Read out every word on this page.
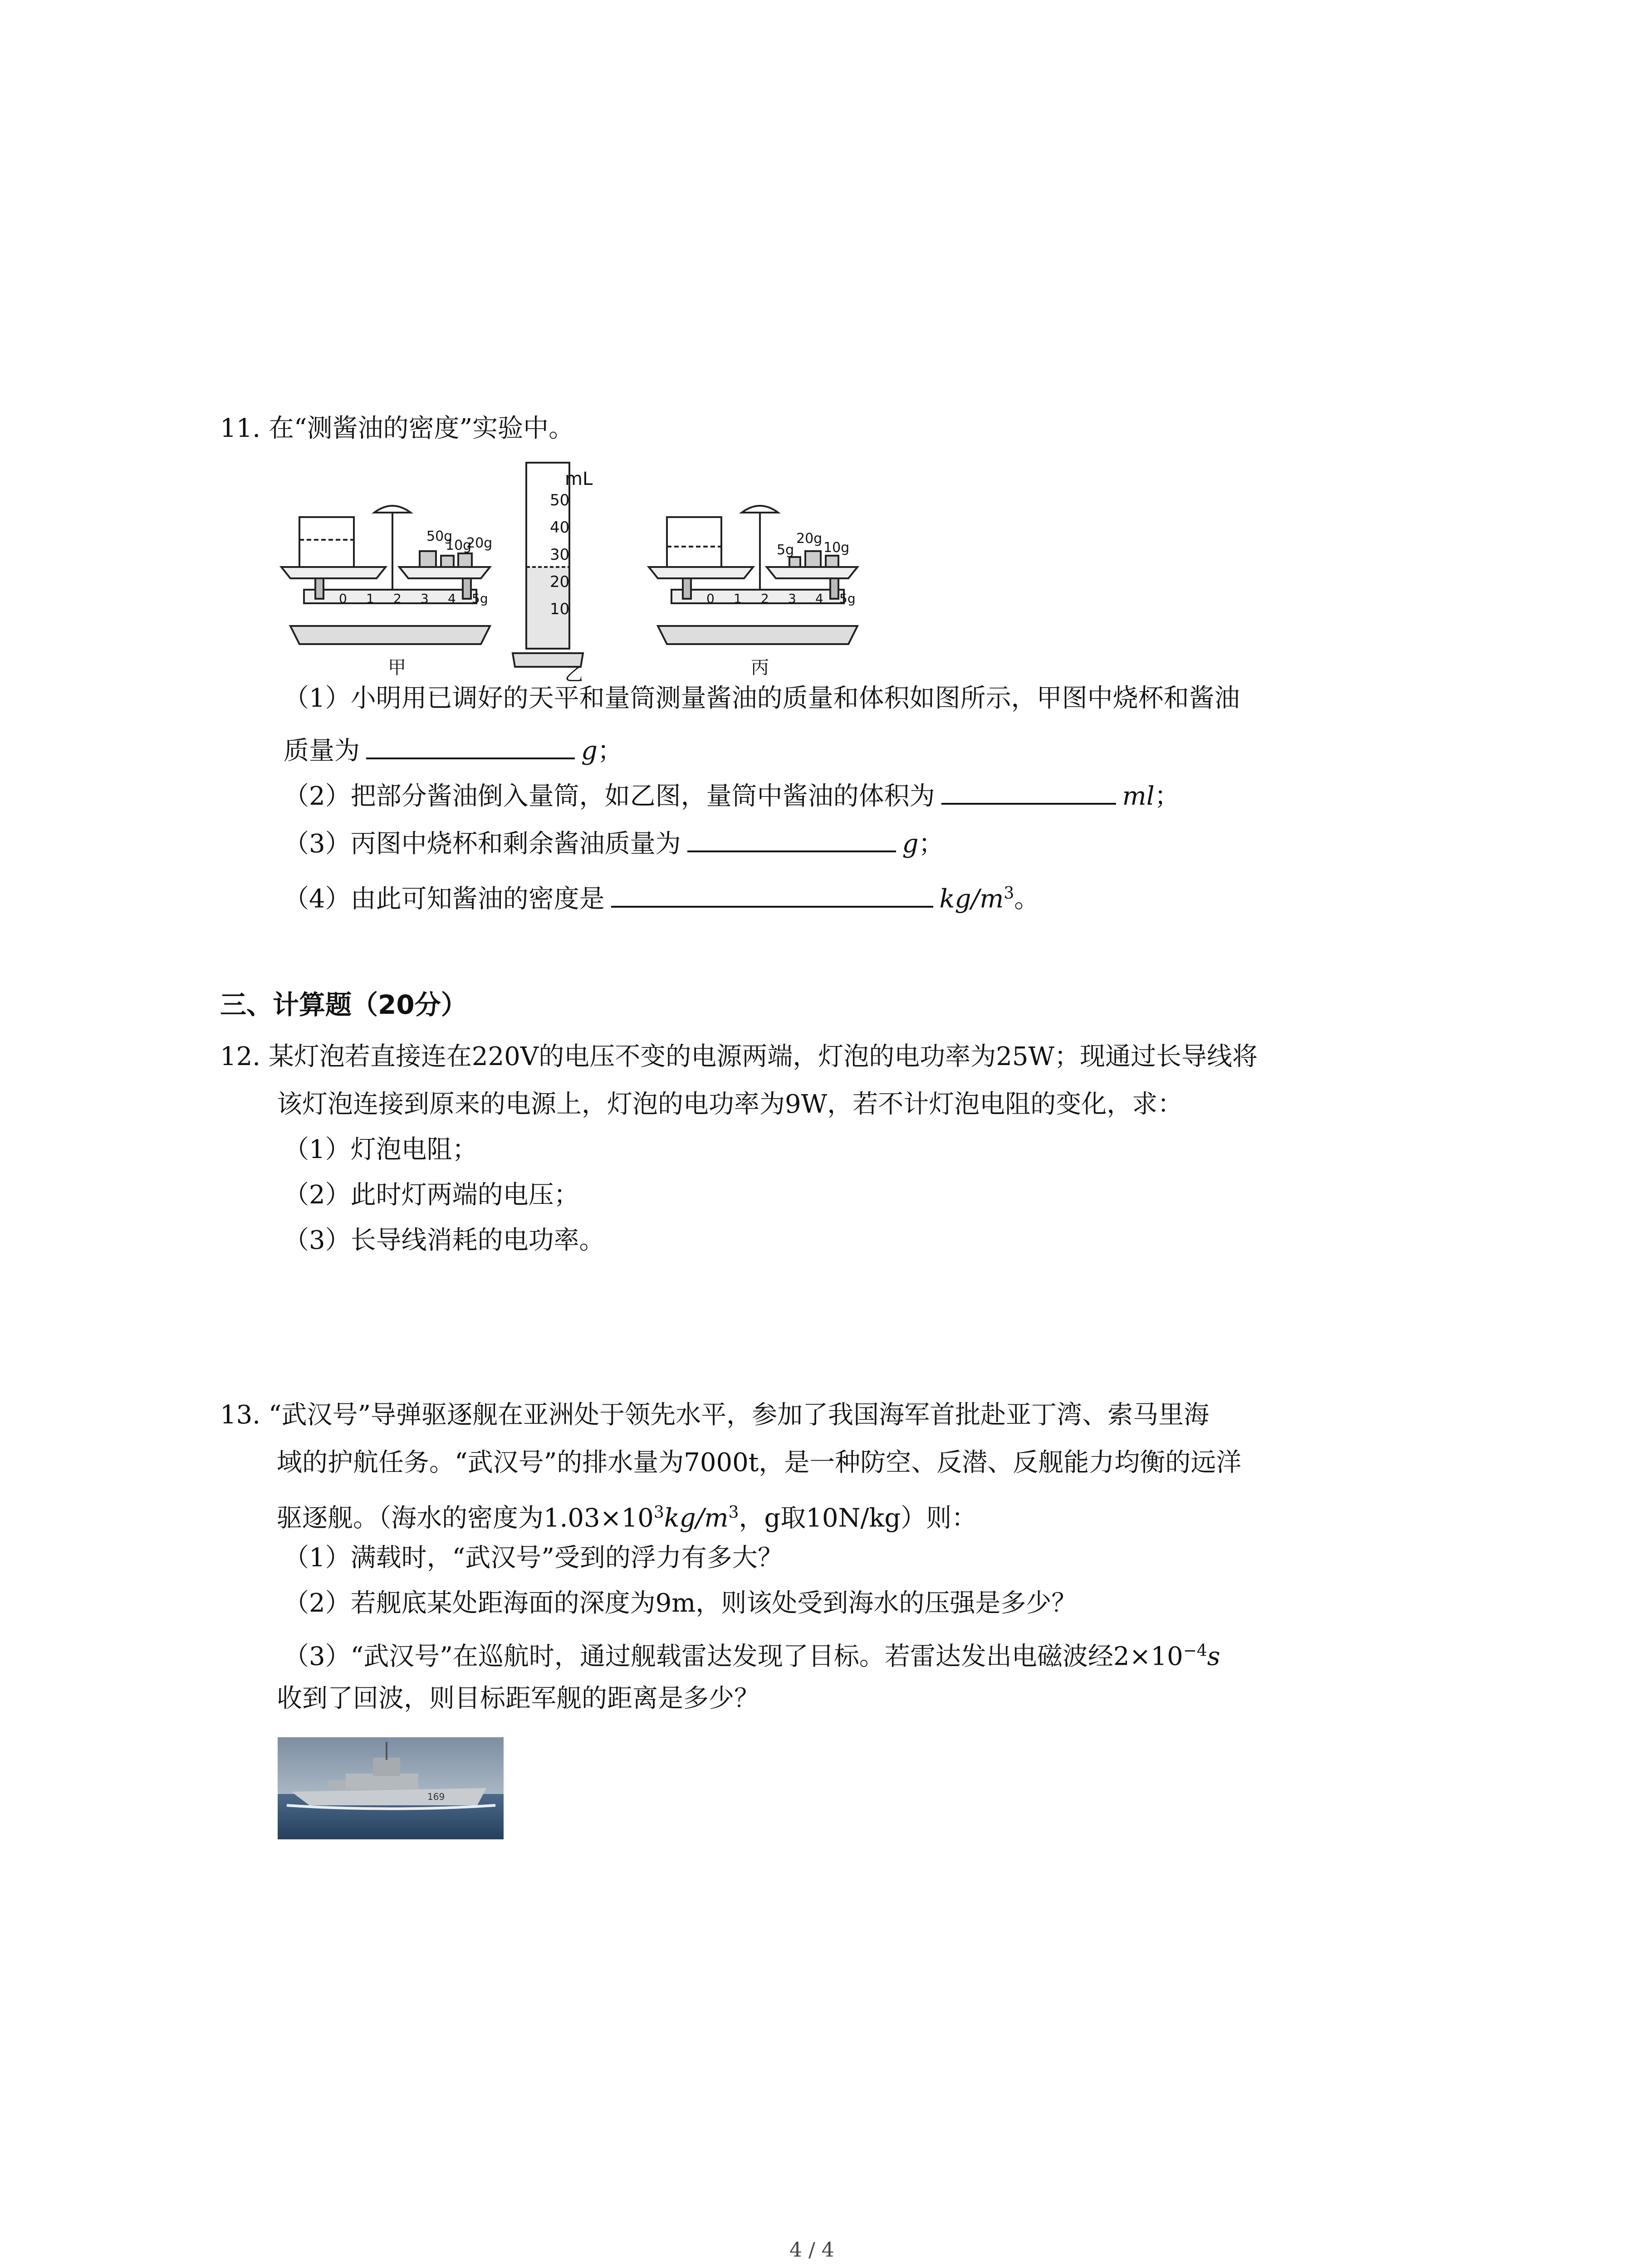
11. 在“测酱油的密度”实验中。
mL
50
40
30
20
10
50g
10g
20g	5g
20g
10g
0 1 2 3 4 5g	0 1 2 3 4 5g
甲	乙	丙
（1）小明用已调好的天平和量筒测量酱油的质量和体积如图所示，甲图中烧杯和酱油
质量为	g；
（2）把部分酱油倒入量筒，如乙图，量筒中酱油的体积为	ml；
（3）丙图中烧杯和剩余酱油质量为	g；
（4）由此可知酱油的密度是	$kg/m^3$。
三、计算题（20分）
12. 某灯泡若直接连在220V的电压不变的电源两端，灯泡的电功率为25W；现通过长导线将
该灯泡连接到原来的电源上，灯泡的电功率为9W，若不计灯泡电阻的变化，求：
（1）灯泡电阻；
（2）此时灯两端的电压；
（3）长导线消耗的电功率。
13. “武汉号”导弹驱逐舰在亚洲处于领先水平，参加了我国海军首批赴亚丁湾、索马里海
域的护航任务。“武汉号”的排水量为7000t，是一种防空、反潜、反舰能力均衡的远洋
驱逐舰。（海水的密度为$1.03\times 10^3kg/m^3$，g取10N/kg）则：
（1）满载时，“武汉号”受到的浮力有多大？
（2）若舰底某处距海面的深度为9m，则该处受到海水的压强是多少？
（3）“武汉号”在巡航时，通过舰载雷达发现了目标。若雷达发出电磁波经$2\times 10^{-4}s$
收到了回波，则目标距军舰的距离是多少？
169
4 / 4
